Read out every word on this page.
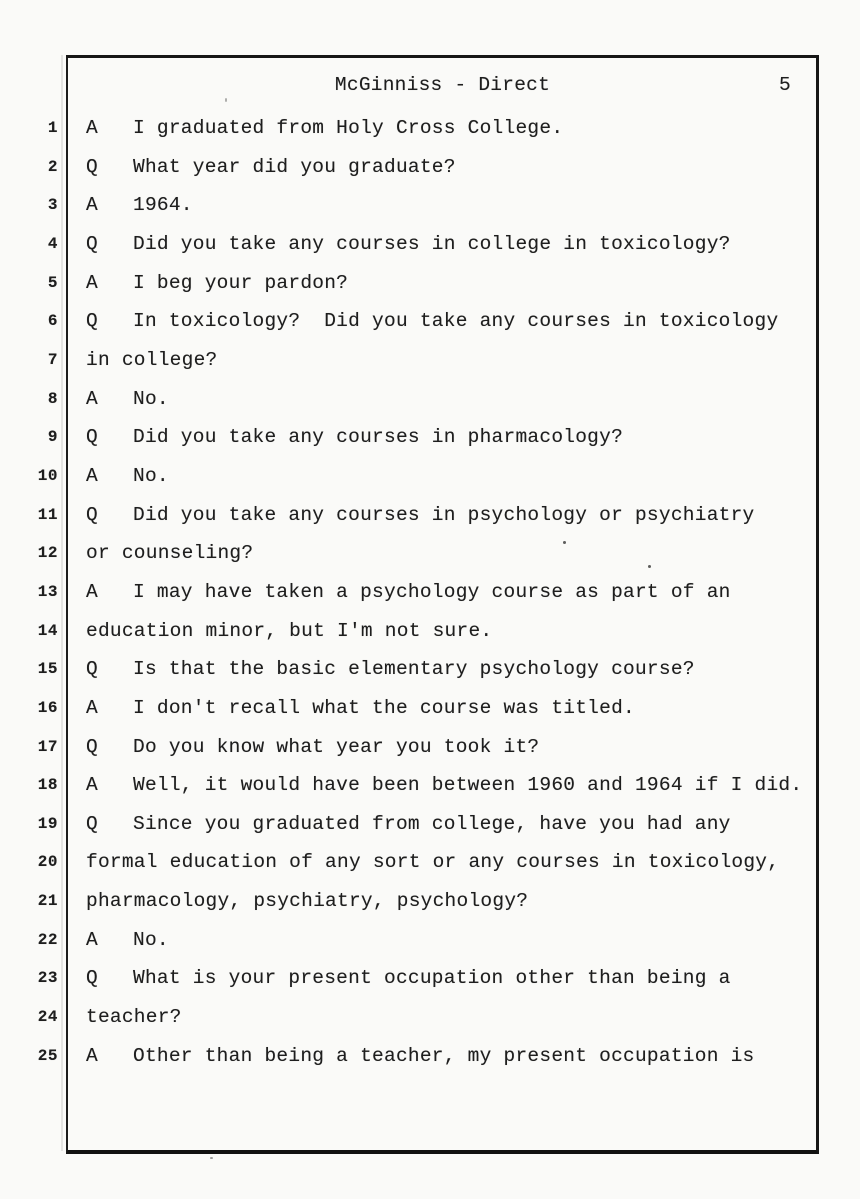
McGinniss - Direct	5
1 A I graduated from Holy Cross College.
2 Q What year did you graduate?
3 A 1964.
4 Q Did you take any courses in college in toxicology?
5 A I beg your pardon?
6 Q In toxicology?  Did you take any courses in toxicology
7 in college?
8 A No.
9 Q Did you take any courses in pharmacology?
10 A No.
11 Q Did you take any courses in psychology or psychiatry
12 or counseling?
13 A I may have taken a psychology course as part of an
14 education minor, but I'm not sure.
15 Q Is that the basic elementary psychology course?
16 A I don't recall what the course was titled.
17 Q Do you know what year you took it?
18 A Well, it would have been between 1960 and 1964 if I did.
19 Q Since you graduated from college, have you had any
20 formal education of any sort or any courses in toxicology,
21 pharmacology, psychiatry, psychology?
22 A No.
23 Q What is your present occupation other than being a
24 teacher?
25 A Other than being a teacher, my present occupation is
